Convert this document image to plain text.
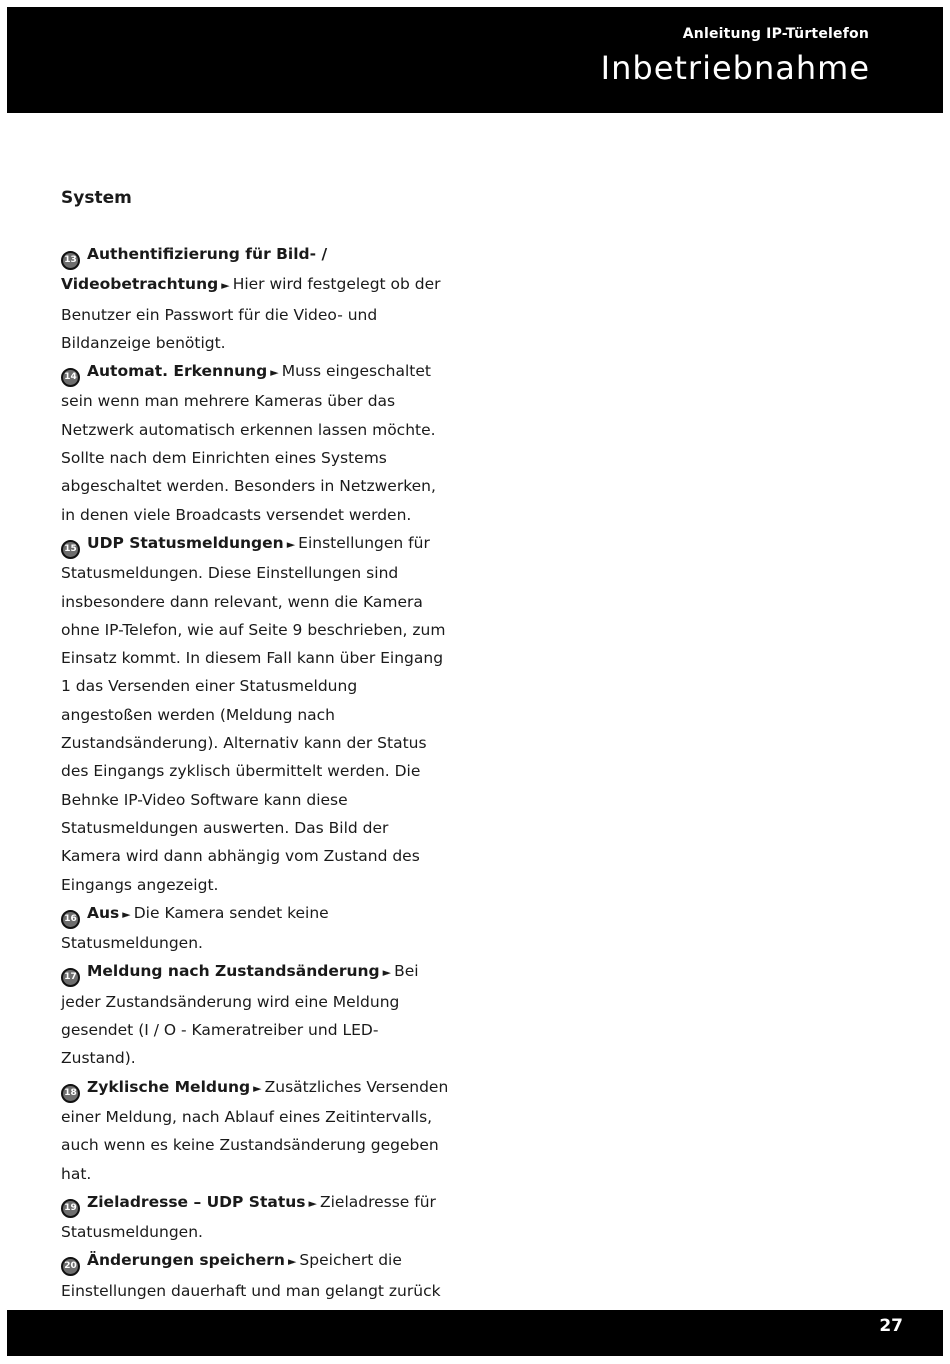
Anleitung IP-Türtelefon
Inbetriebnahme
System

13 Authentifizierung für Bild- / Videobetrachtung ► Hier wird festgelegt ob der Benutzer ein Passwort für die Video- und Bildanzeige benötigt.

14 Automat. Erkennung ► Muss eingeschaltet sein wenn man mehrere Kameras über das Netzwerk automatisch erkennen lassen möchte. Sollte nach dem Einrichten eines Systems abgeschaltet werden. Besonders in Netzwerken, in denen viele Broadcasts versendet werden.

15 UDP Statusmeldungen ► Einstellungen für Statusmeldungen. Diese Einstellungen sind insbesondere dann relevant, wenn die Kamera ohne IP-Telefon, wie auf Seite 9 beschrieben, zum Einsatz kommt. In diesem Fall kann über Eingang 1 das Versenden einer Statusmeldung angestoßen werden (Meldung nach Zustandsänderung). Alternativ kann der Status des Eingangs zyklisch übermittelt werden. Die Behnke IP-Video Software kann diese Statusmeldungen auswerten. Das Bild der Kamera wird dann abhängig vom Zustand des Eingangs angezeigt.

16 Aus ► Die Kamera sendet keine Statusmeldungen.

17 Meldung nach Zustandsänderung ► Bei jeder Zustandsänderung wird eine Meldung gesendet (I / O - Kameratreiber und LED-Zustand).

18 Zyklische Meldung ► Zusätzliches Versenden einer Meldung, nach Ablauf eines Zeitintervalls, auch wenn es keine Zustandsänderung gegeben hat.

19 Zieladresse – UDP Status ► Zieladresse für Statusmeldungen.

20 Änderungen speichern ► Speichert die Einstellungen dauerhaft und man gelangt zurück

27
